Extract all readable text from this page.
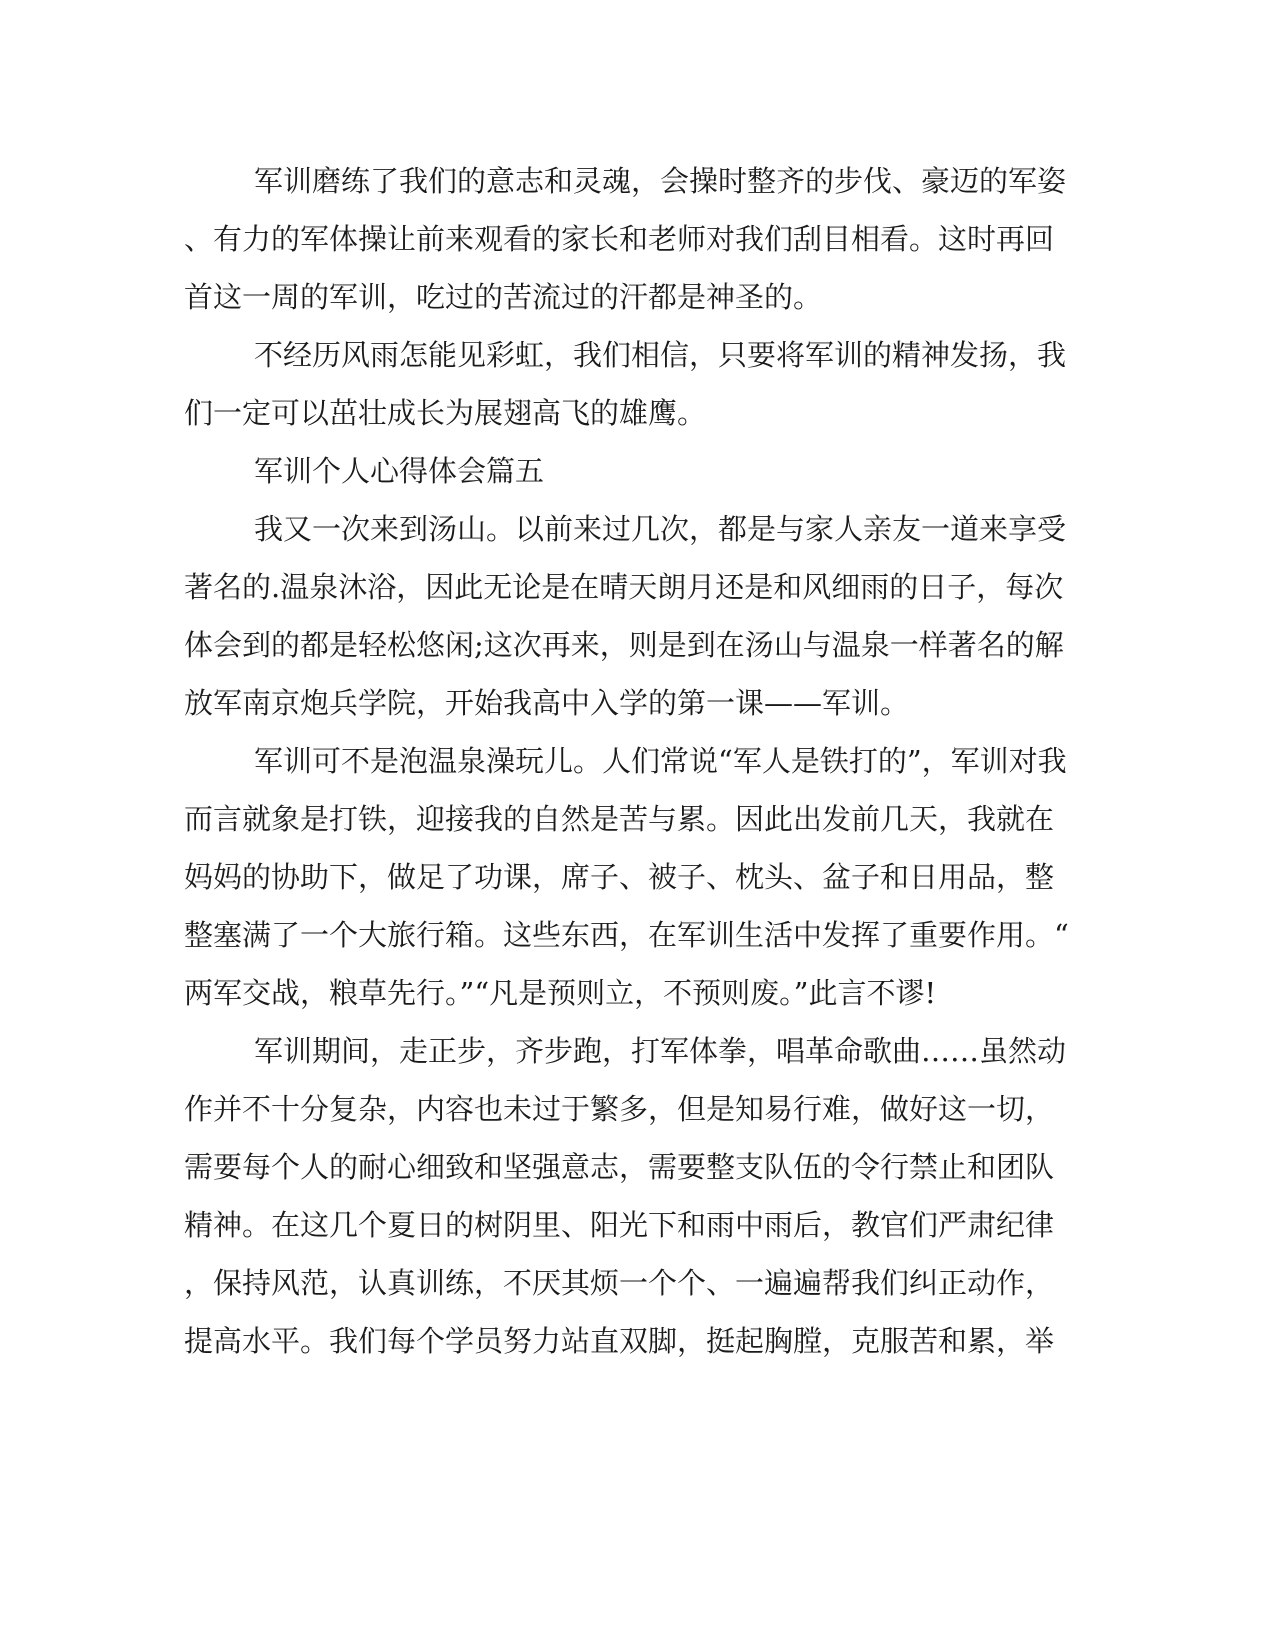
军训磨练了我们的意志和灵魂，会操时整齐的步伐、豪迈的军姿
、有力的军体操让前来观看的家长和老师对我们刮目相看。这时再回
首这一周的军训，吃过的苦流过的汗都是神圣的。
不经历风雨怎能见彩虹，我们相信，只要将军训的精神发扬，我
们一定可以茁壮成长为展翅高飞的雄鹰。
军训个人心得体会篇五
我又一次来到汤山。以前来过几次，都是与家人亲友一道来享受
著名的.温泉沐浴，因此无论是在晴天朗月还是和风细雨的日子，每次
体会到的都是轻松悠闲;这次再来，则是到在汤山与温泉一样著名的解
放军南京炮兵学院，开始我高中入学的第一课——军训。
军训可不是泡温泉澡玩儿。人们常说“军人是铁打的”，军训对我
而言就象是打铁，迎接我的自然是苦与累。因此出发前几天，我就在
妈妈的协助下，做足了功课，席子、被子、枕头、盆子和日用品，整
整塞满了一个大旅行箱。这些东西，在军训生活中发挥了重要作用。“
两军交战，粮草先行。”“凡是预则立，不预则废。”此言不谬!
军训期间，走正步，齐步跑，打军体拳，唱革命歌曲……虽然动
作并不十分复杂，内容也未过于繁多，但是知易行难，做好这一切，
需要每个人的耐心细致和坚强意志，需要整支队伍的令行禁止和团队
精神。在这几个夏日的树阴里、阳光下和雨中雨后，教官们严肃纪律
，保持风范，认真训练，不厌其烦一个个、一遍遍帮我们纠正动作，
提高水平。我们每个学员努力站直双脚，挺起胸膛，克服苦和累，举
